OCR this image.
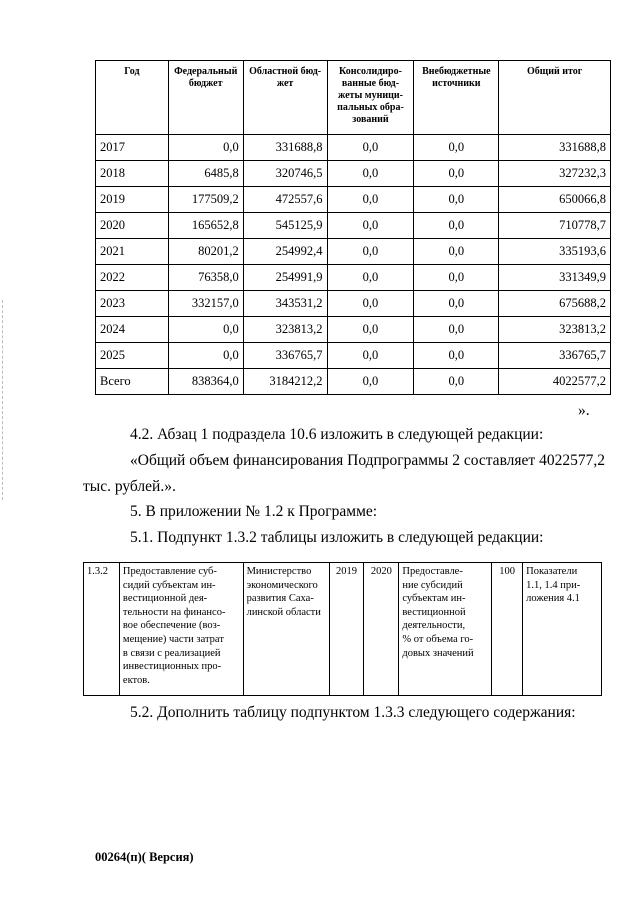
Год	Федеральный бюджет	Областной бюд-
жет	Консолидиро-
ванные бюд-
жеты муници-
пальных обра-
зований	Внебюджетные
источники	Общий итог
2017	0,0	331688,8	0,0	0,0	331688,8
2018	6485,8	320746,5	0,0	0,0	327232,3
2019	177509,2	472557,6	0,0	0,0	650066,8
2020	165652,8	545125,9	0,0	0,0	710778,7
2021	80201,2	254992,4	0,0	0,0	335193,6
2022	76358,0	254991,9	0,0	0,0	331349,9
2023	332157,0	343531,2	0,0	0,0	675688,2
2024	0,0	323813,2	0,0	0,0	323813,2
2025	0,0	336765,7	0,0	0,0	336765,7
Всего	838364,0	3184212,2	0,0	0,0	4022577,2
».
4.2. Абзац 1 подраздела 10.6 изложить в следующей редакции:
«Общий объем финансирования Подпрограммы 2 составляет 4022577,2
тыс. рублей.».
5. В приложении № 1.2 к Программе:
5.1. Подпункт 1.3.2 таблицы изложить в следующей редакции:
1.3.2	Предоставление суб-
сидий субъектам ин-
вестиционной дея-
тельности на финансо-
вое обеспечение (воз-
мещение) части затрат
в связи с реализацией
инвестиционных про-
ектов.	Министерство
экономического
развития Саха-
линской области	2019	2020	Предоставле-
ние субсидий
субъектам ин-
вестиционной
деятельности,
% от объема го-
довых значений	100	Показатели
1.1, 1.4 при-
ложения 4.1
5.2. Дополнить таблицу подпунктом 1.3.3 следующего содержания:
00264(п)( Версия)
